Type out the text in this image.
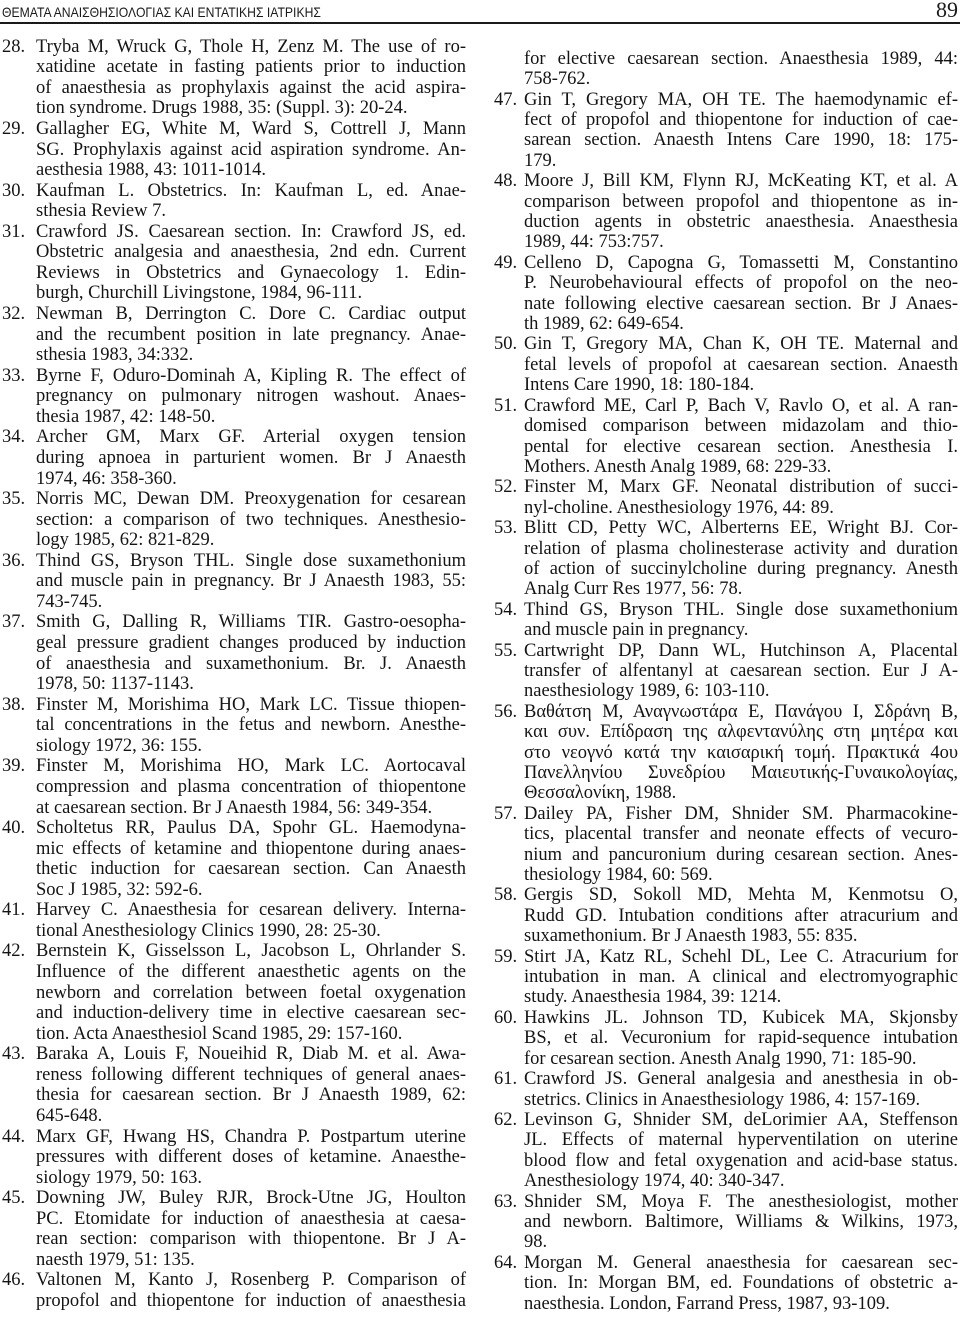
ΘΕΜΑΤΑ ΑΝΑΙΣΘΗΣΙΟΛΟΓΙΑΣ ΚΑΙ ΕΝΤΑΤΙΚΗΣ ΙΑΤΡΙΚΗΣ	89
28. Tryba M, Wruck G, Thole H, Zenz M. The use of ro-
xatidine acetate in fasting patients prior to induction
of anaesthesia as prophylaxis against the acid aspira-
tion syndrome. Drugs 1988, 35: (Suppl. 3): 20-24.
29. Gallagher EG, White M, Ward S, Cottrell J, Mann
SG. Prophylaxis against acid aspiration syndrome. An-
aesthesia 1988, 43: 1011-1014.
30. Kaufman L. Obstetrics. In: Kaufman L, ed. Anae-
sthesia Review 7.
31. Crawford JS. Caesarean section. In: Crawford JS, ed.
Obstetric analgesia and anaesthesia, 2nd edn. Current
Reviews in Obstetrics and Gynaecology 1. Edin-
burgh, Churchill Livingstone, 1984, 96-111.
32. Newman B, Derrington C. Dore C. Cardiac output
and the recumbent position in late pregnancy. Anae-
sthesia 1983, 34:332.
33. Byrne F, Oduro-Dominah A, Kipling R. The effect of
pregnancy on pulmonary nitrogen washout. Anaes-
thesia 1987, 42: 148-50.
34. Archer GM, Marx GF. Arterial oxygen tension
during apnoea in parturient women. Br J Anaesth
1974, 46: 358-360.
35. Norris MC, Dewan DM. Preoxygenation for cesarean
section: a comparison of two techniques. Anesthesio-
logy 1985, 62: 821-829.
36. Thind GS, Bryson THL. Single dose suxamethonium
and muscle pain in pregnancy. Br J Anaesth 1983, 55:
743-745.
37. Smith G, Dalling R, Williams TIR. Gastro-oesopha-
geal pressure gradient changes produced by induction
of anaesthesia and suxamethonium. Br. J. Anaesth
1978, 50: 1137-1143.
38. Finster M, Morishima HO, Mark LC. Tissue thiopen-
tal concentrations in the fetus and newborn. Anesthe-
siology 1972, 36: 155.
39. Finster M, Morishima HO, Mark LC. Aortocaval
compression and plasma concentration of thiopentone
at caesarean section. Br J Anaesth 1984, 56: 349-354.
40. Scholtetus RR, Paulus DA, Spohr GL. Haemodyna-
mic effects of ketamine and thiopentone during anaes-
thetic induction for caesarean section. Can Anaesth
Soc J 1985, 32: 592-6.
41. Harvey C. Anaesthesia for cesarean delivery. Interna-
tional Anesthesiology Clinics 1990, 28: 25-30.
42. Bernstein K, Gisselsson L, Jacobson L, Ohrlander S.
Influence of the different anaesthetic agents on the
newborn and correlation between foetal oxygenation
and induction-delivery time in elective caesarean sec-
tion. Acta Anaesthesiol Scand 1985, 29: 157-160.
43. Baraka A, Louis F, Noueihid R, Diab M. et al. Awa-
reness following different techniques of general anaes-
thesia for caesarean section. Br J Anaesth 1989, 62:
645-648.
44. Marx GF, Hwang HS, Chandra P. Postpartum uterine
pressures with different doses of ketamine. Anaesthe-
siology 1979, 50: 163.
45. Downing JW, Buley RJR, Brock-Utne JG, Houlton
PC. Etomidate for induction of anaesthesia at caesa-
rean section: comparison with thiopentone. Br J A-
naesth 1979, 51: 135.
46. Valtonen M, Kanto J, Rosenberg P. Comparison of
propofol and thiopentone for induction of anaesthesia
for elective caesarean section. Anaesthesia 1989, 44:
758-762.
47. Gin T, Gregory MA, OH TE. The haemodynamic ef-
fect of propofol and thiopentone for induction of cae-
sarean section. Anaesth Intens Care 1990, 18: 175-
179.
48. Moore J, Bill KM, Flynn RJ, McKeating KT, et al. A
comparison between propofol and thiopentone as in-
duction agents in obstetric anaesthesia. Anaesthesia
1989, 44: 753:757.
49. Celleno D, Capogna G, Tomassetti M, Constantino
P. Neurobehavioural effects of propofol on the neo-
nate following elective caesarean section. Br J Anaes-
th 1989, 62: 649-654.
50. Gin T, Gregory MA, Chan K, OH TE. Maternal and
fetal levels of propofol at caesarean section. Anaesth
Intens Care 1990, 18: 180-184.
51. Crawford ME, Carl P, Bach V, Ravlo O, et al. A ran-
domised comparison between midazolam and thio-
pental for elective cesarean section. Anesthesia I.
Mothers. Anesth Analg 1989, 68: 229-33.
52. Finster M, Marx GF. Neonatal distribution of succi-
nyl-choline. Anesthesiology 1976, 44: 89.
53. Blitt CD, Petty WC, Alberterns EE, Wright BJ. Cor-
relation of plasma cholinesterase activity and duration
of action of succinylcholine during pregnancy. Anesth
Analg Curr Res 1977, 56: 78.
54. Thind GS, Bryson THL. Single dose suxamethonium
and muscle pain in pregnancy.
55. Cartwright DP, Dann WL, Hutchinson A, Placental
transfer of alfentanyl at caesarean section. Eur J A-
naesthesiology 1989, 6: 103-110.
56. Βαθάτση Μ, Αναγνωστάρα Ε, Πανάγου Ι, Σδράνη Β,
και συν. Επίδραση της αλφεντανύλης στη μητέρα και
στο νεογνό κατά την καισαρική τομή. Πρακτικά 4ου
Πανελληνίου Συνεδρίου Μαιευτικής-Γυναικολογίας,
Θεσσαλονίκη, 1988.
57. Dailey PA, Fisher DM, Shnider SM. Pharmacokine-
tics, placental transfer and neonate effects of vecuro-
nium and pancuronium during cesarean section. Anes-
thesiology 1984, 60: 569.
58. Gergis SD, Sokoll MD, Mehta M, Kenmotsu O,
Rudd GD. Intubation conditions after atracurium and
suxamethonium. Br J Anaesth 1983, 55: 835.
59. Stirt JA, Katz RL, Schehl DL, Lee C. Atracurium for
intubation in man. A clinical and electromyographic
study. Anaesthesia 1984, 39: 1214.
60. Hawkins JL. Johnson TD, Kubicek MA, Skjonsby
BS, et al. Vecuronium for rapid-sequence intubation
for cesarean section. Anesth Analg 1990, 71: 185-90.
61. Crawford JS. General analgesia and anesthesia in ob-
stetrics. Clinics in Anaesthesiology 1986, 4: 157-169.
62. Levinson G, Shnider SM, deLorimier AA, Steffenson
JL. Effects of maternal hyperventilation on uterine
blood flow and fetal oxygenation and acid-base status.
Anesthesiology 1974, 40: 340-347.
63. Shnider SM, Moya F. The anesthesiologist, mother
and newborn. Baltimore, Williams & Wilkins, 1973,
98.
64. Morgan M. General anaesthesia for caesarean sec-
tion. In: Morgan BM, ed. Foundations of obstetric a-
naesthesia. London, Farrand Press, 1987, 93-109.
